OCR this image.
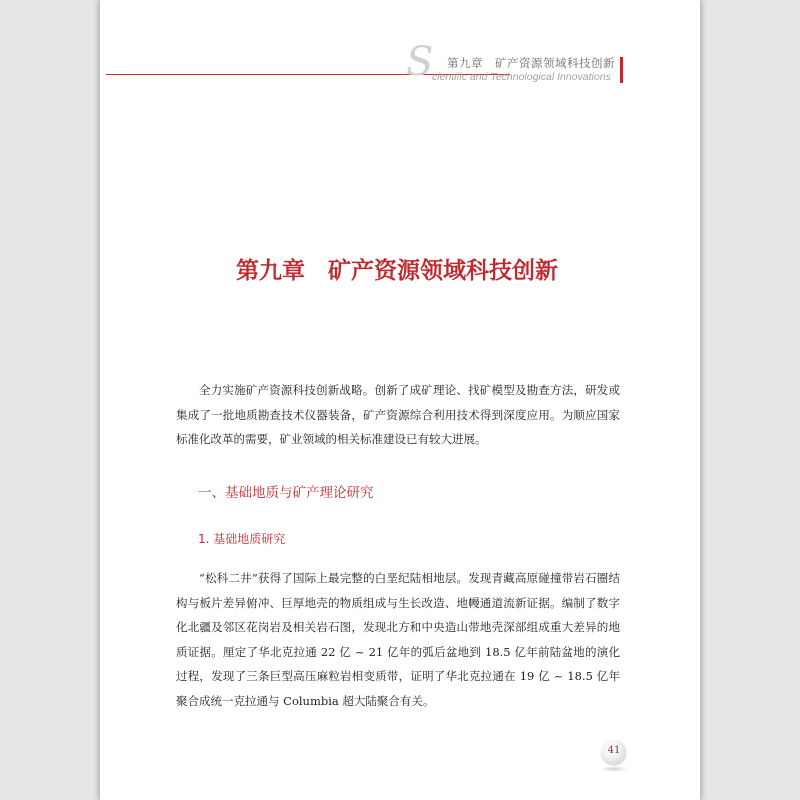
S 第九章　矿产资源领域科技创新
cientific and Technological Innovations
第九章　矿产资源领域科技创新

全力实施矿产资源科技创新战略。创新了成矿理论、找矿模型及勘查方法，研发或集成了一批地质勘查技术仪器装备，矿产资源综合利用技术得到深度应用。为顺应国家标准化改革的需要，矿业领域的相关标准建设已有较大进展。

一、基础地质与矿产理论研究
1. 基础地质研究

“松科二井”获得了国际上最完整的白垩纪陆相地层。发现青藏高原碰撞带岩石圈结构与板片差异俯冲、巨厚地壳的物质组成与生长改造、地幔通道流新证据。编制了数字化北疆及邻区花岗岩及相关岩石图，发现北方和中央造山带地壳深部组成重大差异的地质证据。厘定了华北克拉通 22 亿 ~ 21 亿年的弧后盆地到 18.5 亿年前陆盆地的演化过程，发现了三条巨型高压麻粒岩相变质带，证明了华北克拉通在 19 亿 ~ 18.5 亿年聚合成统一克拉通与 Columbia 超大陆聚合有关。

41
